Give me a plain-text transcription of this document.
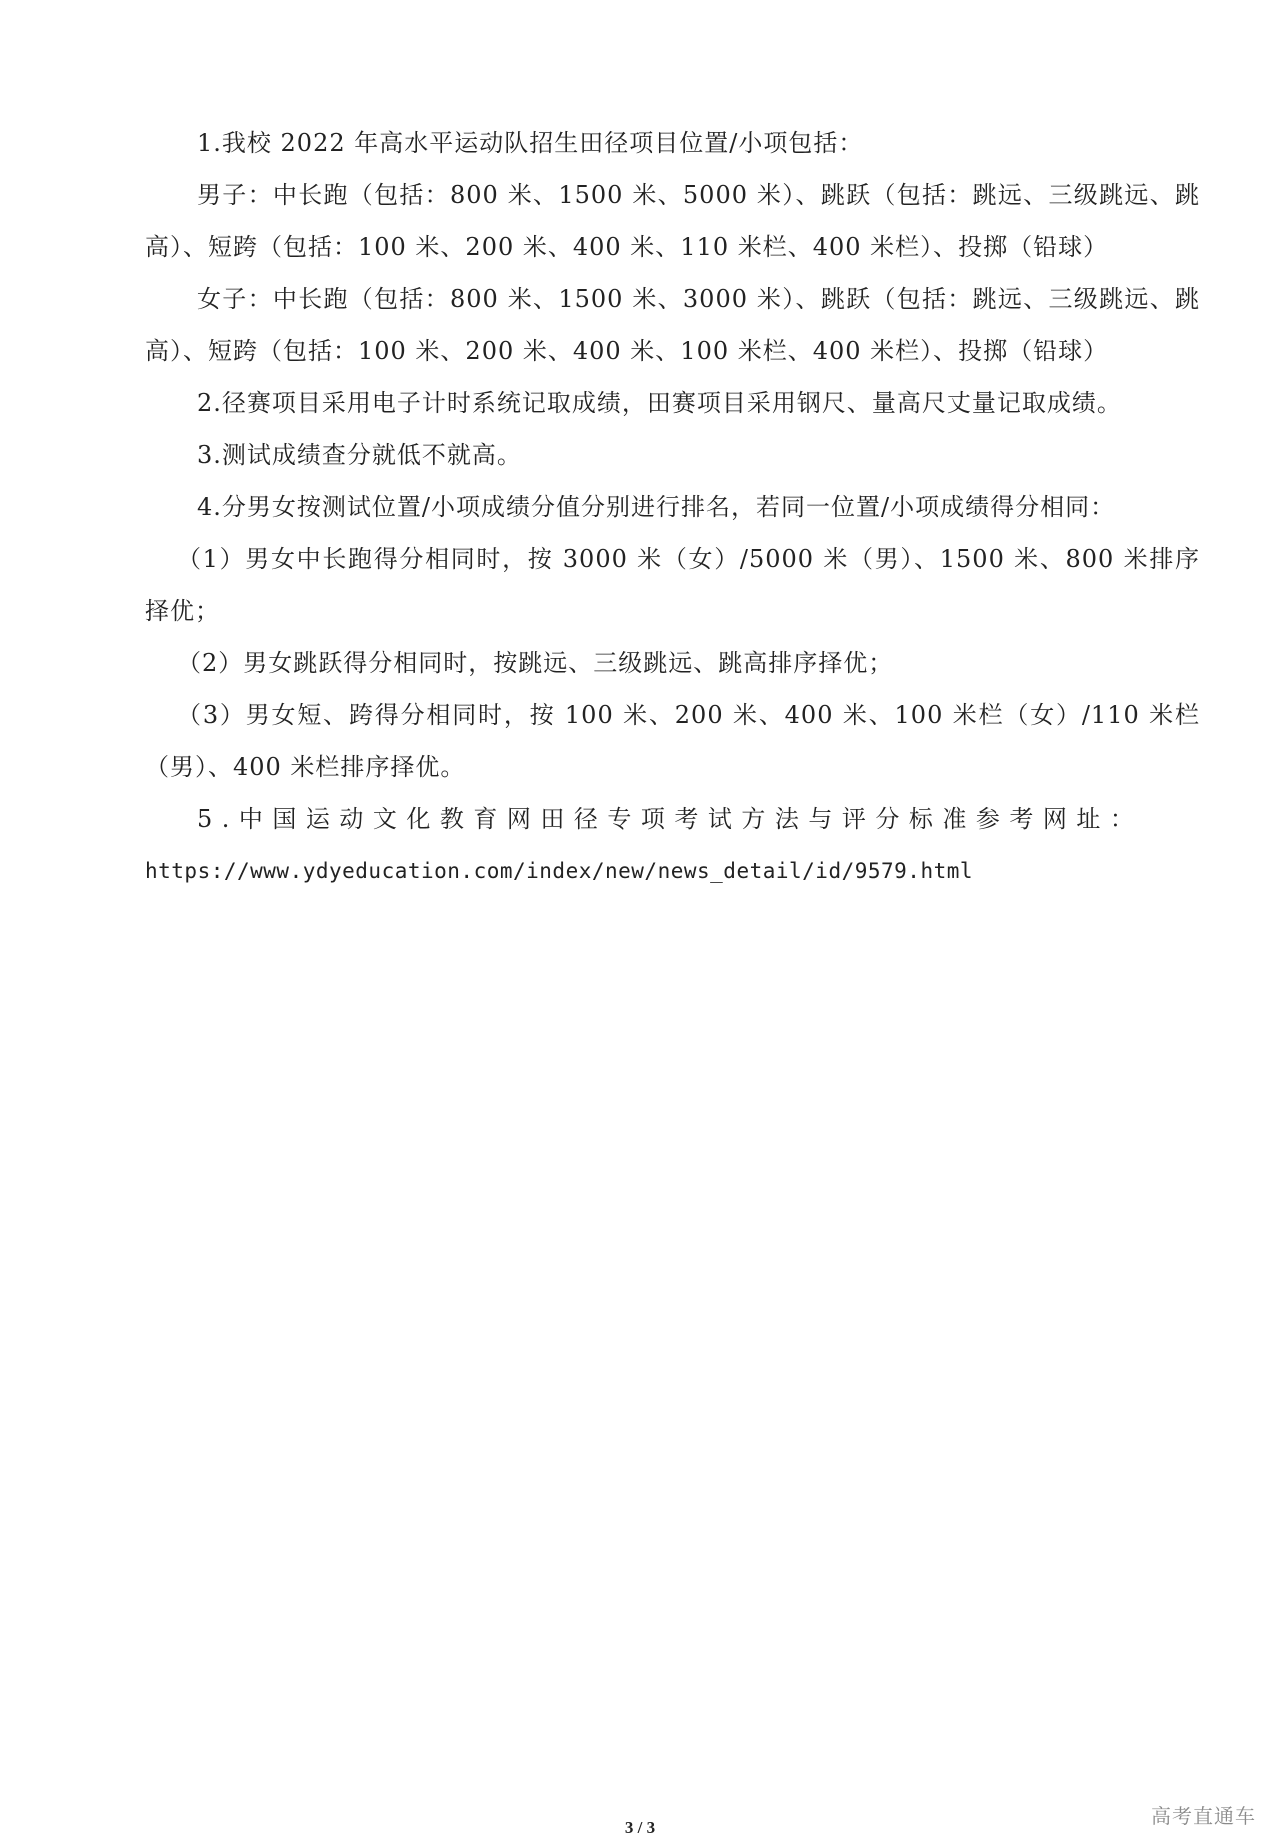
1.我校 2022 年高水平运动队招生田径项目位置/小项包括：

男子：中长跑（包括：800 米、1500 米、5000 米）、跳跃（包括：跳远、三级跳远、跳高）、短跨（包括：100 米、200 米、400 米、110 米栏、400 米栏）、投掷（铅球）

女子：中长跑（包括：800 米、1500 米、3000 米）、跳跃（包括：跳远、三级跳远、跳高）、短跨（包括：100 米、200 米、400 米、100 米栏、400 米栏）、投掷（铅球）

2.径赛项目采用电子计时系统记取成绩，田赛项目采用钢尺、量高尺丈量记取成绩。

3.测试成绩查分就低不就高。

4.分男女按测试位置/小项成绩分值分别进行排名，若同一位置/小项成绩得分相同：

（1）男女中长跑得分相同时，按 3000 米（女）/5000 米（男）、1500 米、800 米排序择优；

（2）男女跳跃得分相同时，按跳远、三级跳远、跳高排序择优；

（3）男女短、跨得分相同时，按 100 米、200 米、400 米、100 米栏（女）/110 米栏（男）、400 米栏排序择优。

5.中国运动文化教育网田径专项考试方法与评分标准参考网址：

https://www.ydyeducation.com/index/new/news_detail/id/9579.html

3 / 3	高考直通车
